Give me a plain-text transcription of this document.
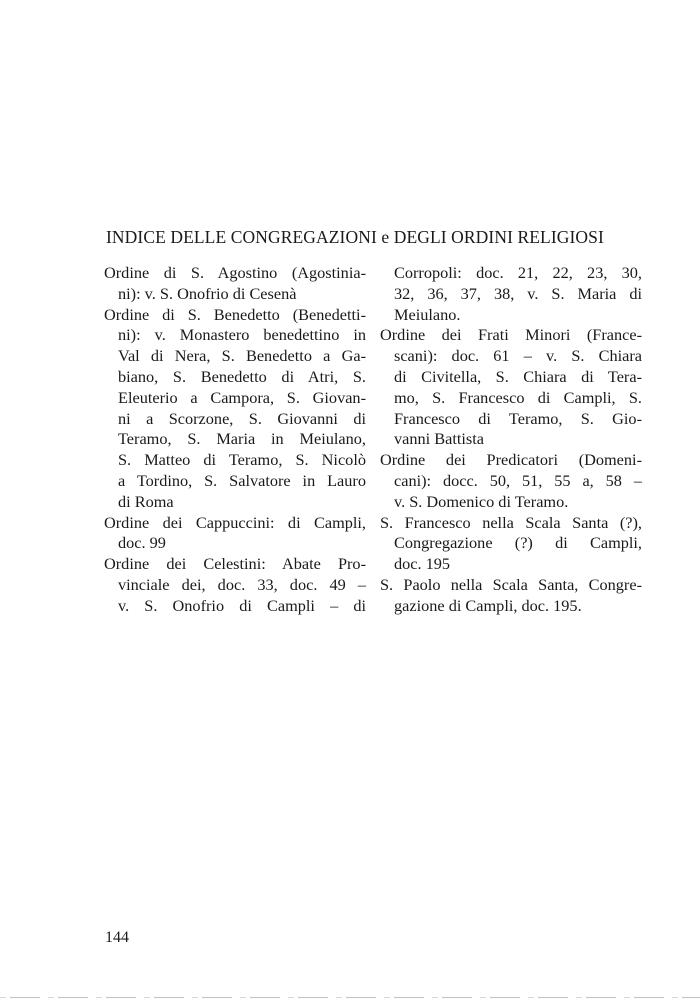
INDICE DELLE CONGREGAZIONI e DEGLI ORDINI RELIGIOSI
Ordine di S. Agostino (Agostinia-
ni): v. S. Onofrio di Cesenà
Ordine di S. Benedetto (Benedetti-
ni): v. Monastero benedettino in
Val di Nera, S. Benedetto a Ga-
biano, S. Benedetto di Atri, S.
Eleuterio a Campora, S. Giovan-
ni a Scorzone, S. Giovanni di
Teramo, S. Maria in Meiulano,
S. Matteo di Teramo, S. Nicolò
a Tordino, S. Salvatore in Lauro
di Roma
Ordine dei Cappuccini: di Campli,
doc. 99
Ordine dei Celestini: Abate Pro-
vinciale dei, doc. 33, doc. 49 –
v. S. Onofrio di Campli – di
Corropoli: doc. 21, 22, 23, 30,
32, 36, 37, 38, v. S. Maria di
Meiulano.
Ordine dei Frati Minori (France-
scani): doc. 61 – v. S. Chiara
di Civitella, S. Chiara di Tera-
mo, S. Francesco di Campli, S.
Francesco di Teramo, S. Gio-
vanni Battista
Ordine dei Predicatori (Domeni-
cani): docc. 50, 51, 55 a, 58 –
v. S. Domenico di Teramo.
S. Francesco nella Scala Santa (?),
Congregazione (?) di Campli,
doc. 195
S. Paolo nella Scala Santa, Congre-
gazione di Campli, doc. 195.

144
